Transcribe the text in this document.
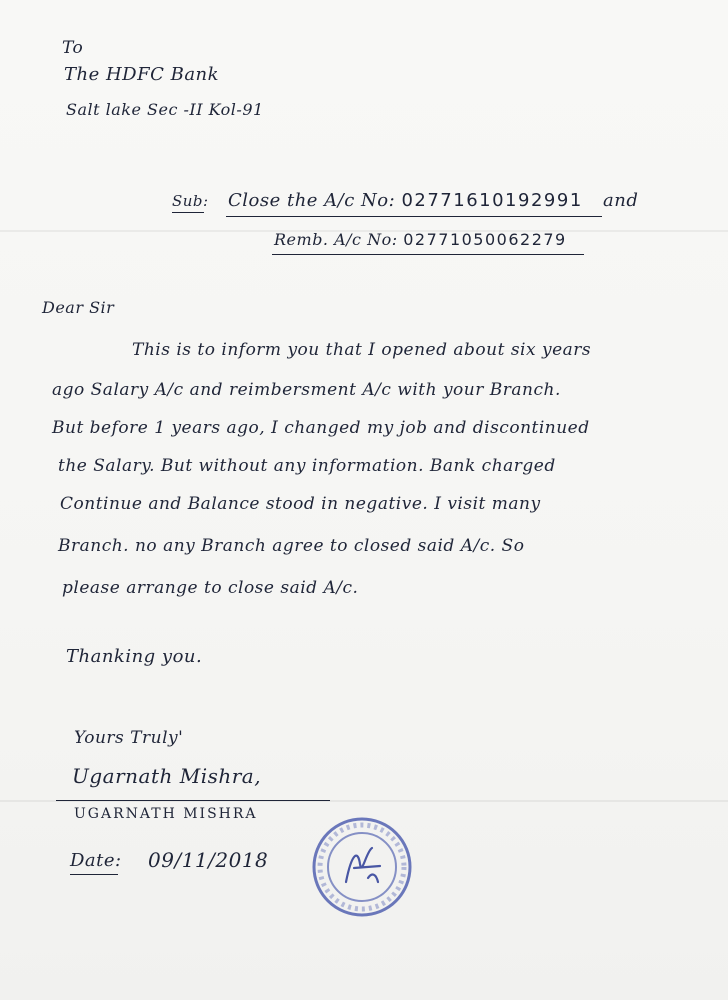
To
The HDFC Bank
Salt lake Sec -II Kol-91
Sub: Close the A/c No: 02771610192991 and
Remb. A/c No: 02771050062279
Dear Sir
This is to inform you that I opened about six years
ago Salary A/c and reimbersment A/c with your Branch.
But before 1 years ago, I changed my job and discontinued
the Salary. But without any information. Bank charged
Continue and Balance stood in negative. I visit many
Branch. no any Branch agree to closed said A/c. So
please arrange to close said A/c.
Thanking you.
Yours Truly'
Ugarnath Mishra,
UGARNATH MISHRA
Date: 09/11/2018
